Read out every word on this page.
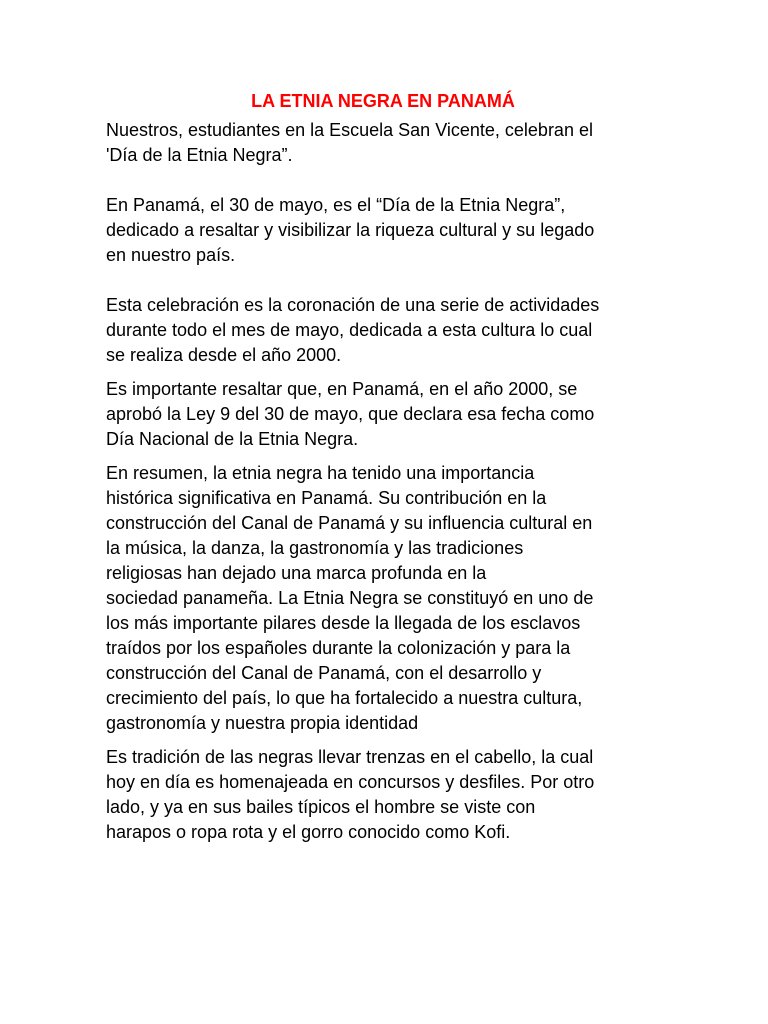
LA ETNIA NEGRA EN PANAMÁ

Nuestros, estudiantes en la Escuela San Vicente, celebran el
'Día de la Etnia Negra”.

En Panamá, el 30 de mayo, es el “Día de la Etnia Negra”,
dedicado a resaltar y visibilizar la riqueza cultural y su legado
en nuestro país.

Esta celebración es la coronación de una serie de actividades
durante todo el mes de mayo, dedicada a esta cultura lo cual
se realiza desde el año 2000.

Es importante resaltar que, en Panamá, en el año 2000, se
aprobó la Ley 9 del 30 de mayo, que declara esa fecha como
Día Nacional de la Etnia Negra.

En resumen, la etnia negra ha tenido una importancia
histórica significativa en Panamá. Su contribución en la
construcción del Canal de Panamá y su influencia cultural en
la música, la danza, la gastronomía y las tradiciones
religiosas han dejado una marca profunda en la
sociedad panameña. La Etnia Negra se constituyó en uno de
los más importante pilares desde la llegada de los esclavos
traídos por los españoles durante la colonización y para la
construcción del Canal de Panamá, con el desarrollo y
crecimiento del país, lo que ha fortalecido a nuestra cultura,
gastronomía y nuestra propia identidad

Es tradición de las negras llevar trenzas en el cabello, la cual
hoy en día es homenajeada en concursos y desfiles. Por otro
lado, y ya en sus bailes típicos el hombre se viste con
harapos o ropa rota y el gorro conocido como Kofi.
